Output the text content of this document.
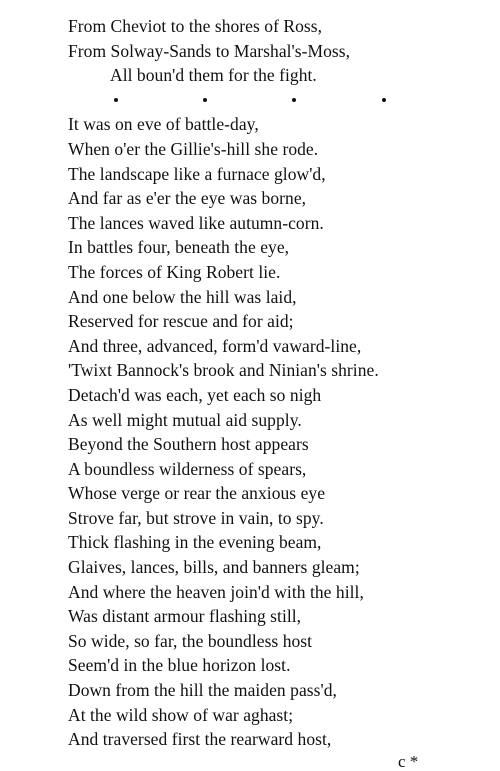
From Cheviot to the shores of Ross,
From Solway-Sands to Marshal's-Moss,
All boun'd them for the fight.
It was on eve of battle-day,
When o'er the Gillie's-hill she rode.
The landscape like a furnace glow'd,
And far as e'er the eye was borne,
The lances waved like autumn-corn.
In battles four, beneath the eye,
The forces of King Robert lie.
And one below the hill was laid,
Reserved for rescue and for aid;
And three, advanced, form'd vaward-line,
'Twixt Bannock's brook and Ninian's shrine.
Detach'd was each, yet each so nigh
As well might mutual aid supply.
Beyond the Southern host appears
A boundless wilderness of spears,
Whose verge or rear the anxious eye
Strove far, but strove in vain, to spy.
Thick flashing in the evening beam,
Glaives, lances, bills, and banners gleam;
And where the heaven join'd with the hill,
Was distant armour flashing still,
So wide, so far, the boundless host
Seem'd in the blue horizon lost.
Down from the hill the maiden pass'd,
At the wild show of war aghast;
And traversed first the rearward host,
c *
